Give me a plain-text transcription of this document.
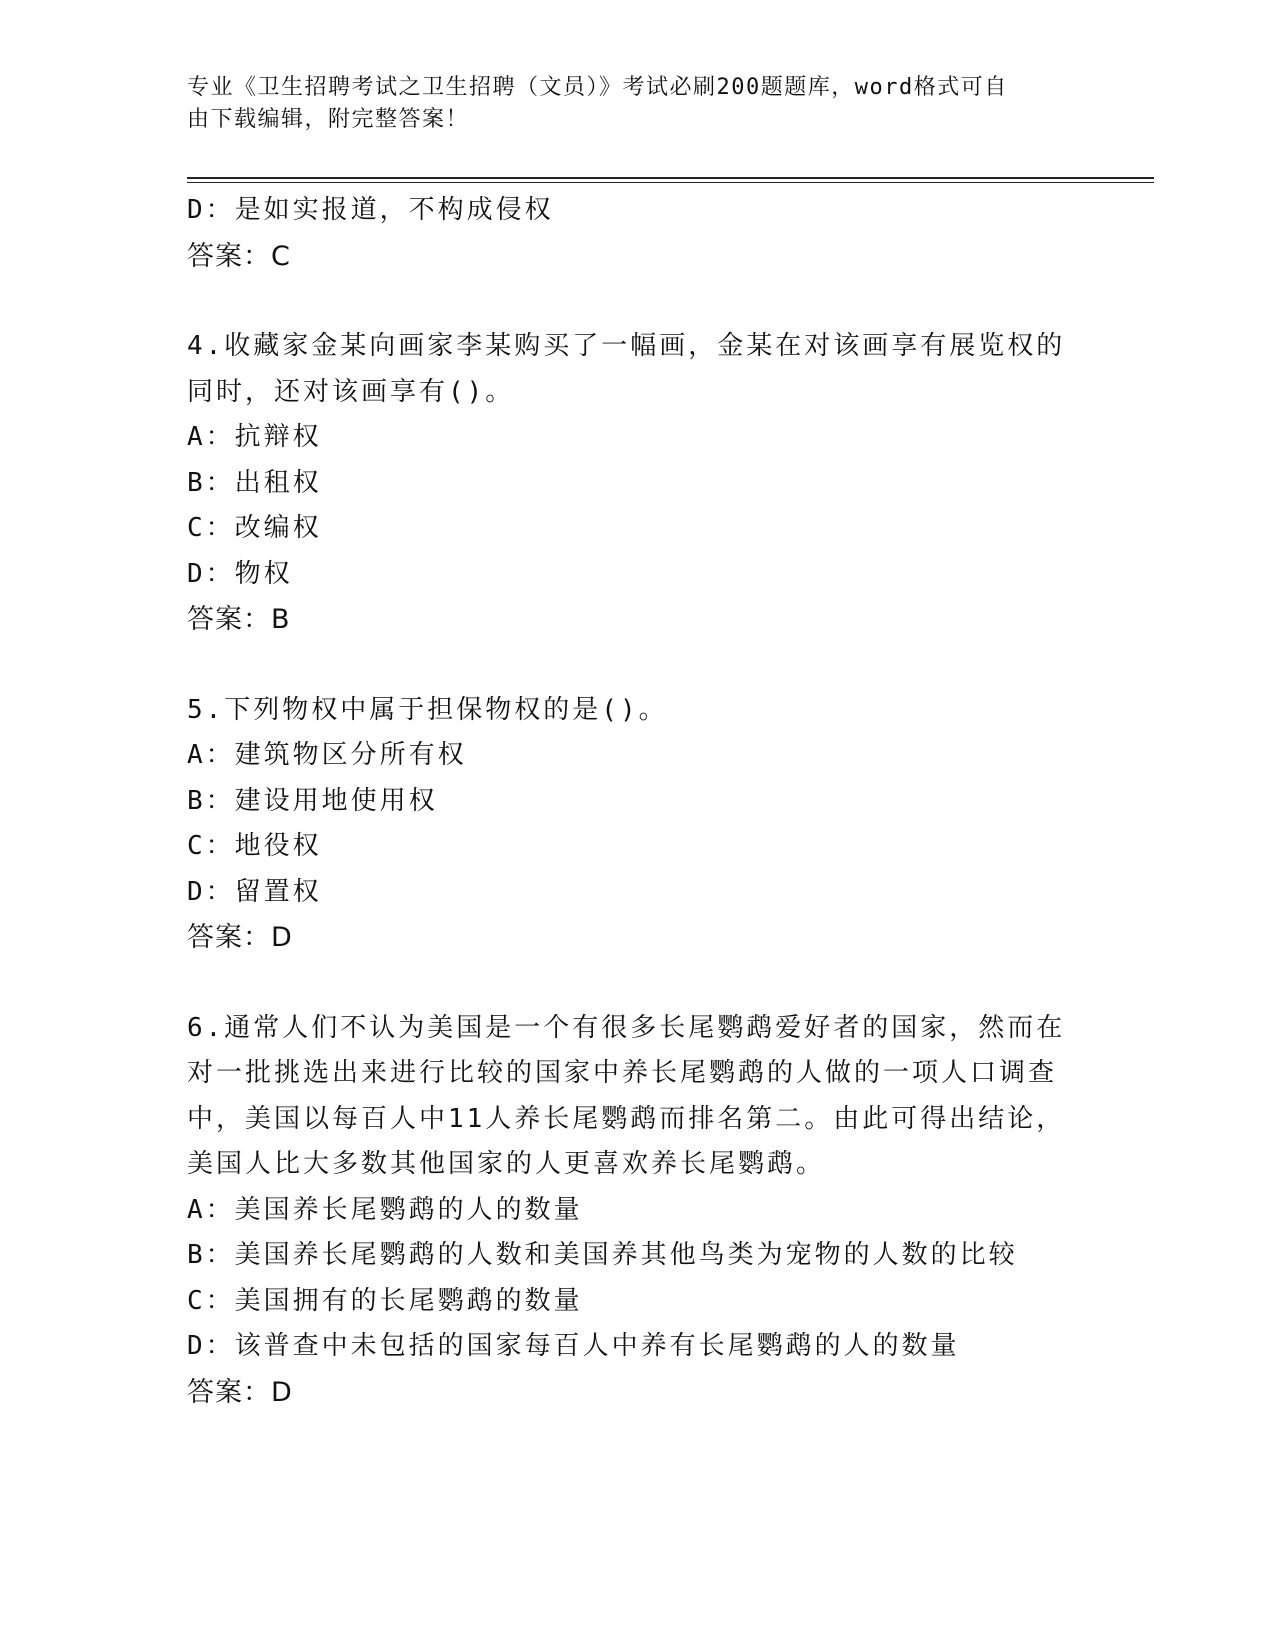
专业《卫生招聘考试之卫生招聘（文员）》考试必刷200题题库，word格式可自
由下载编辑，附完整答案！
D：是如实报道，不构成侵权
答案：C
4.收藏家金某向画家李某购买了一幅画，金某在对该画享有展览权的
同时，还对该画享有()。
A：抗辩权
B：出租权
C：改编权
D：物权
答案：B
5.下列物权中属于担保物权的是()。
A：建筑物区分所有权
B：建设用地使用权
C：地役权
D：留置权
答案：D
6.通常人们不认为美国是一个有很多长尾鹦鹉爱好者的国家，然而在
对一批挑选出来进行比较的国家中养长尾鹦鹉的人做的一项人口调查
中，美国以每百人中11人养长尾鹦鹉而排名第二。由此可得出结论，
美国人比大多数其他国家的人更喜欢养长尾鹦鹉。
A：美国养长尾鹦鹉的人的数量
B：美国养长尾鹦鹉的人数和美国养其他鸟类为宠物的人数的比较
C：美国拥有的长尾鹦鹉的数量
D：该普查中未包括的国家每百人中养有长尾鹦鹉的人的数量
答案：D
